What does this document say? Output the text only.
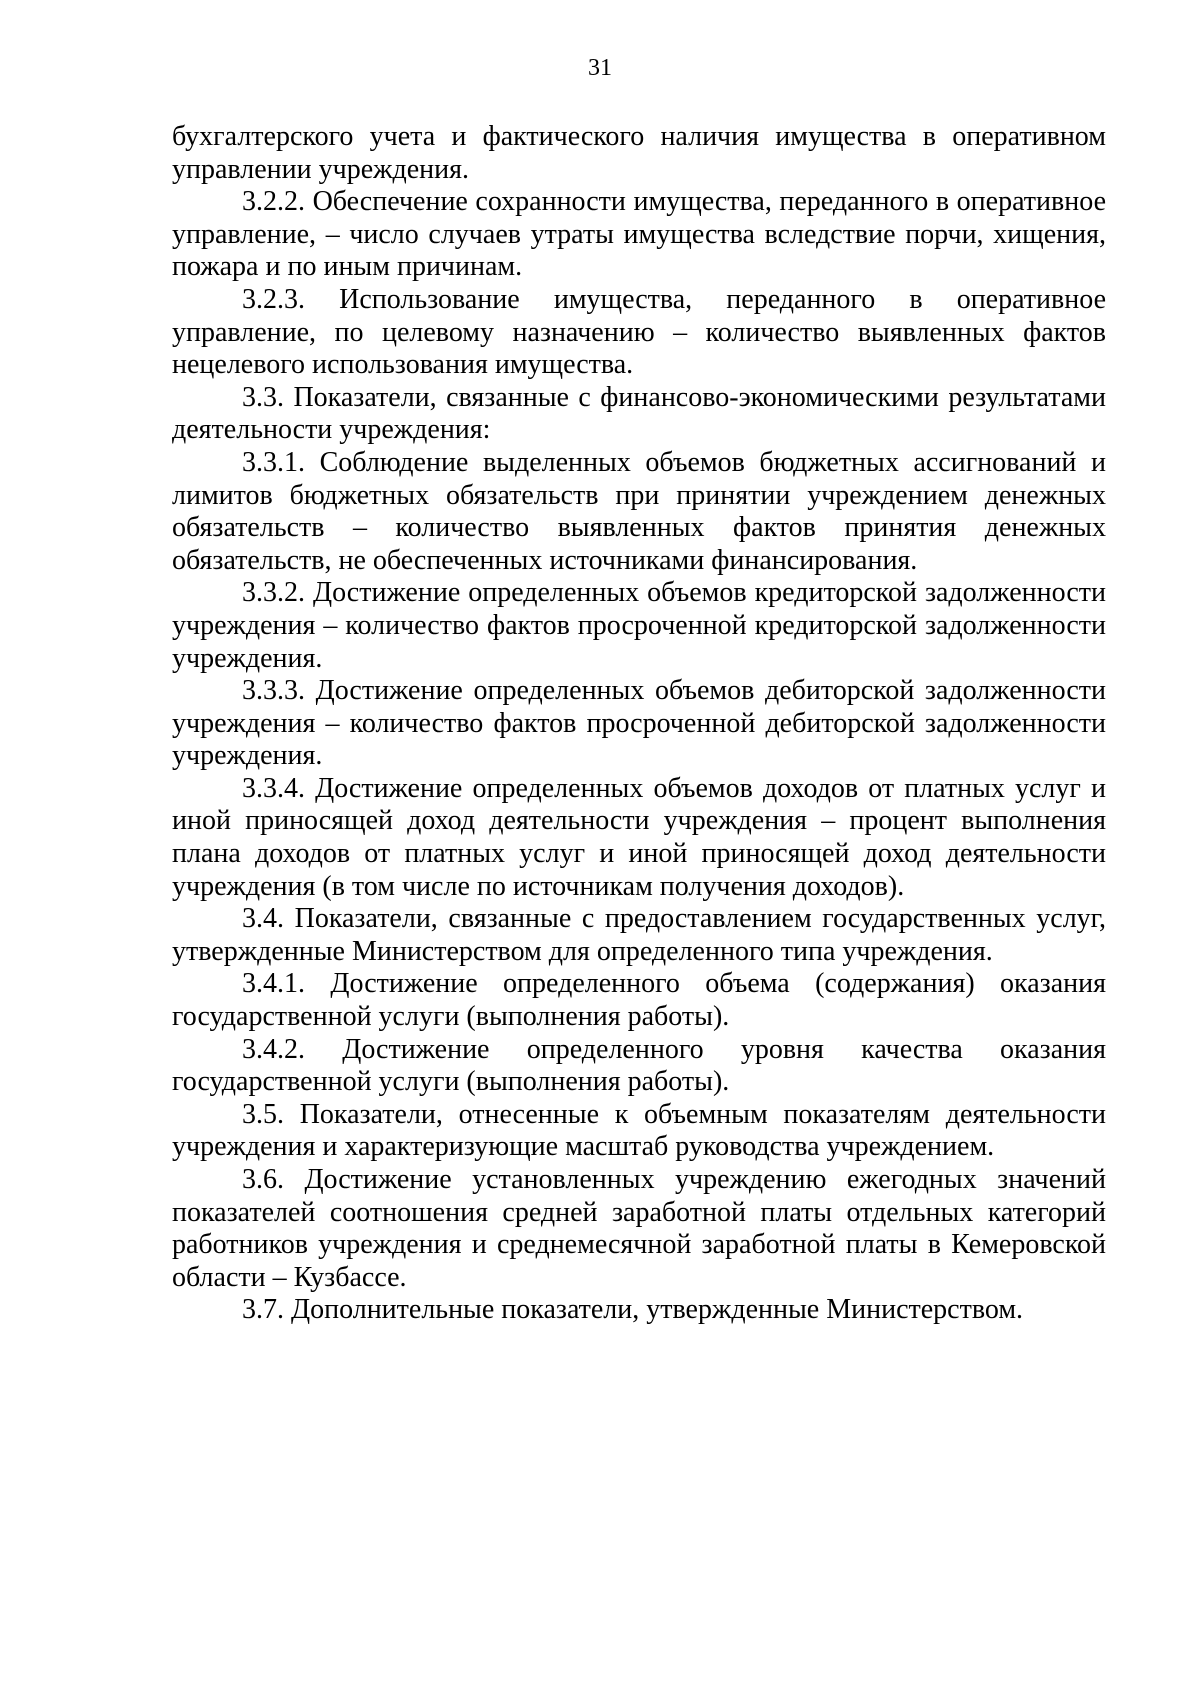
31

бухгалтерского учета и фактического наличия имущества в оперативном управлении учреждения.

3.2.2. Обеспечение сохранности имущества, переданного в оперативное управление, – число случаев утраты имущества вследствие порчи, хищения, пожара и по иным причинам.

3.2.3. Использование имущества, переданного в оперативное управление, по целевому назначению – количество выявленных фактов нецелевого использования имущества.

3.3. Показатели, связанные с финансово-экономическими результатами деятельности учреждения:

3.3.1. Соблюдение выделенных объемов бюджетных ассигнований и лимитов бюджетных обязательств при принятии учреждением денежных обязательств – количество выявленных фактов принятия денежных обязательств, не обеспеченных источниками финансирования.

3.3.2. Достижение определенных объемов кредиторской задолженности учреждения – количество фактов просроченной кредиторской задолженности учреждения.

3.3.3. Достижение определенных объемов дебиторской задолженности учреждения – количество фактов просроченной дебиторской задолженности учреждения.

3.3.4. Достижение определенных объемов доходов от платных услуг и иной приносящей доход деятельности учреждения – процент выполнения плана доходов от платных услуг и иной приносящей доход деятельности учреждения (в том числе по источникам получения доходов).

3.4. Показатели, связанные с предоставлением государственных услуг, утвержденные Министерством для определенного типа учреждения.

3.4.1. Достижение определенного объема (содержания) оказания государственной услуги (выполнения работы).

3.4.2. Достижение определенного уровня качества оказания государственной услуги (выполнения работы).

3.5. Показатели, отнесенные к объемным показателям деятельности учреждения и характеризующие масштаб руководства учреждением.

3.6. Достижение установленных учреждению ежегодных значений показателей соотношения средней заработной платы отдельных категорий работников учреждения и среднемесячной заработной платы в Кемеровской области – Кузбассе.

3.7. Дополнительные показатели, утвержденные Министерством.
